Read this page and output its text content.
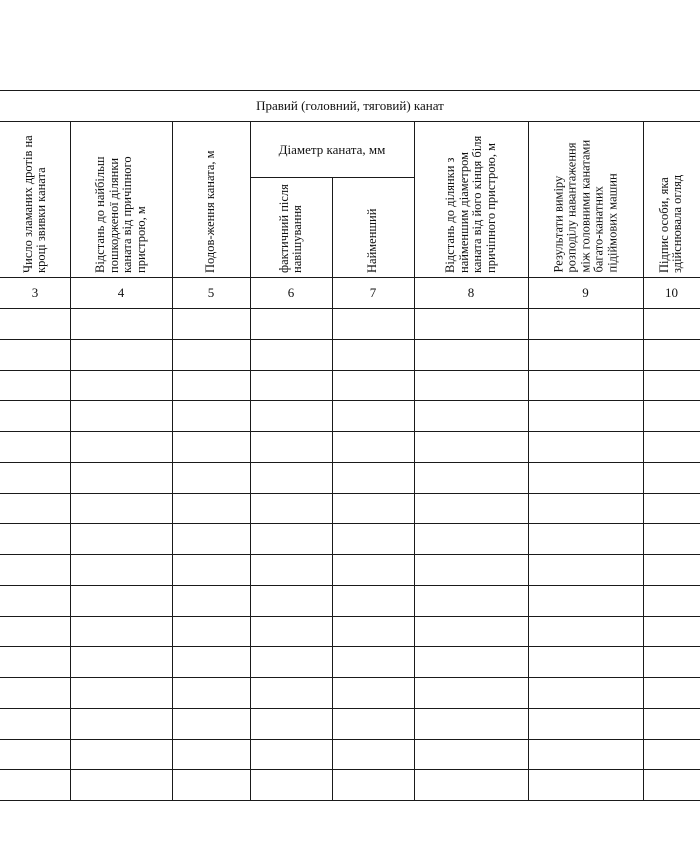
Правий (головний, тяговий) канат
Діаметр каната, мм
Число зламаних дротів на кроці звивки каната	Відстань до найбільш пошкодженої ділянки каната від причіпного пристрою, м	Подов-ження каната, м	фактичний після навішування	Найменший	Відстань до ділянки з найменшим діаметром каната від його кінця біля причіпного пристрою, м	Результати виміру розподілу навантаження між головними канатами багато-канатних підіймових машин	Підпис особи, яка здійснювала огляд
3	4	5	6	7	8	9	10
